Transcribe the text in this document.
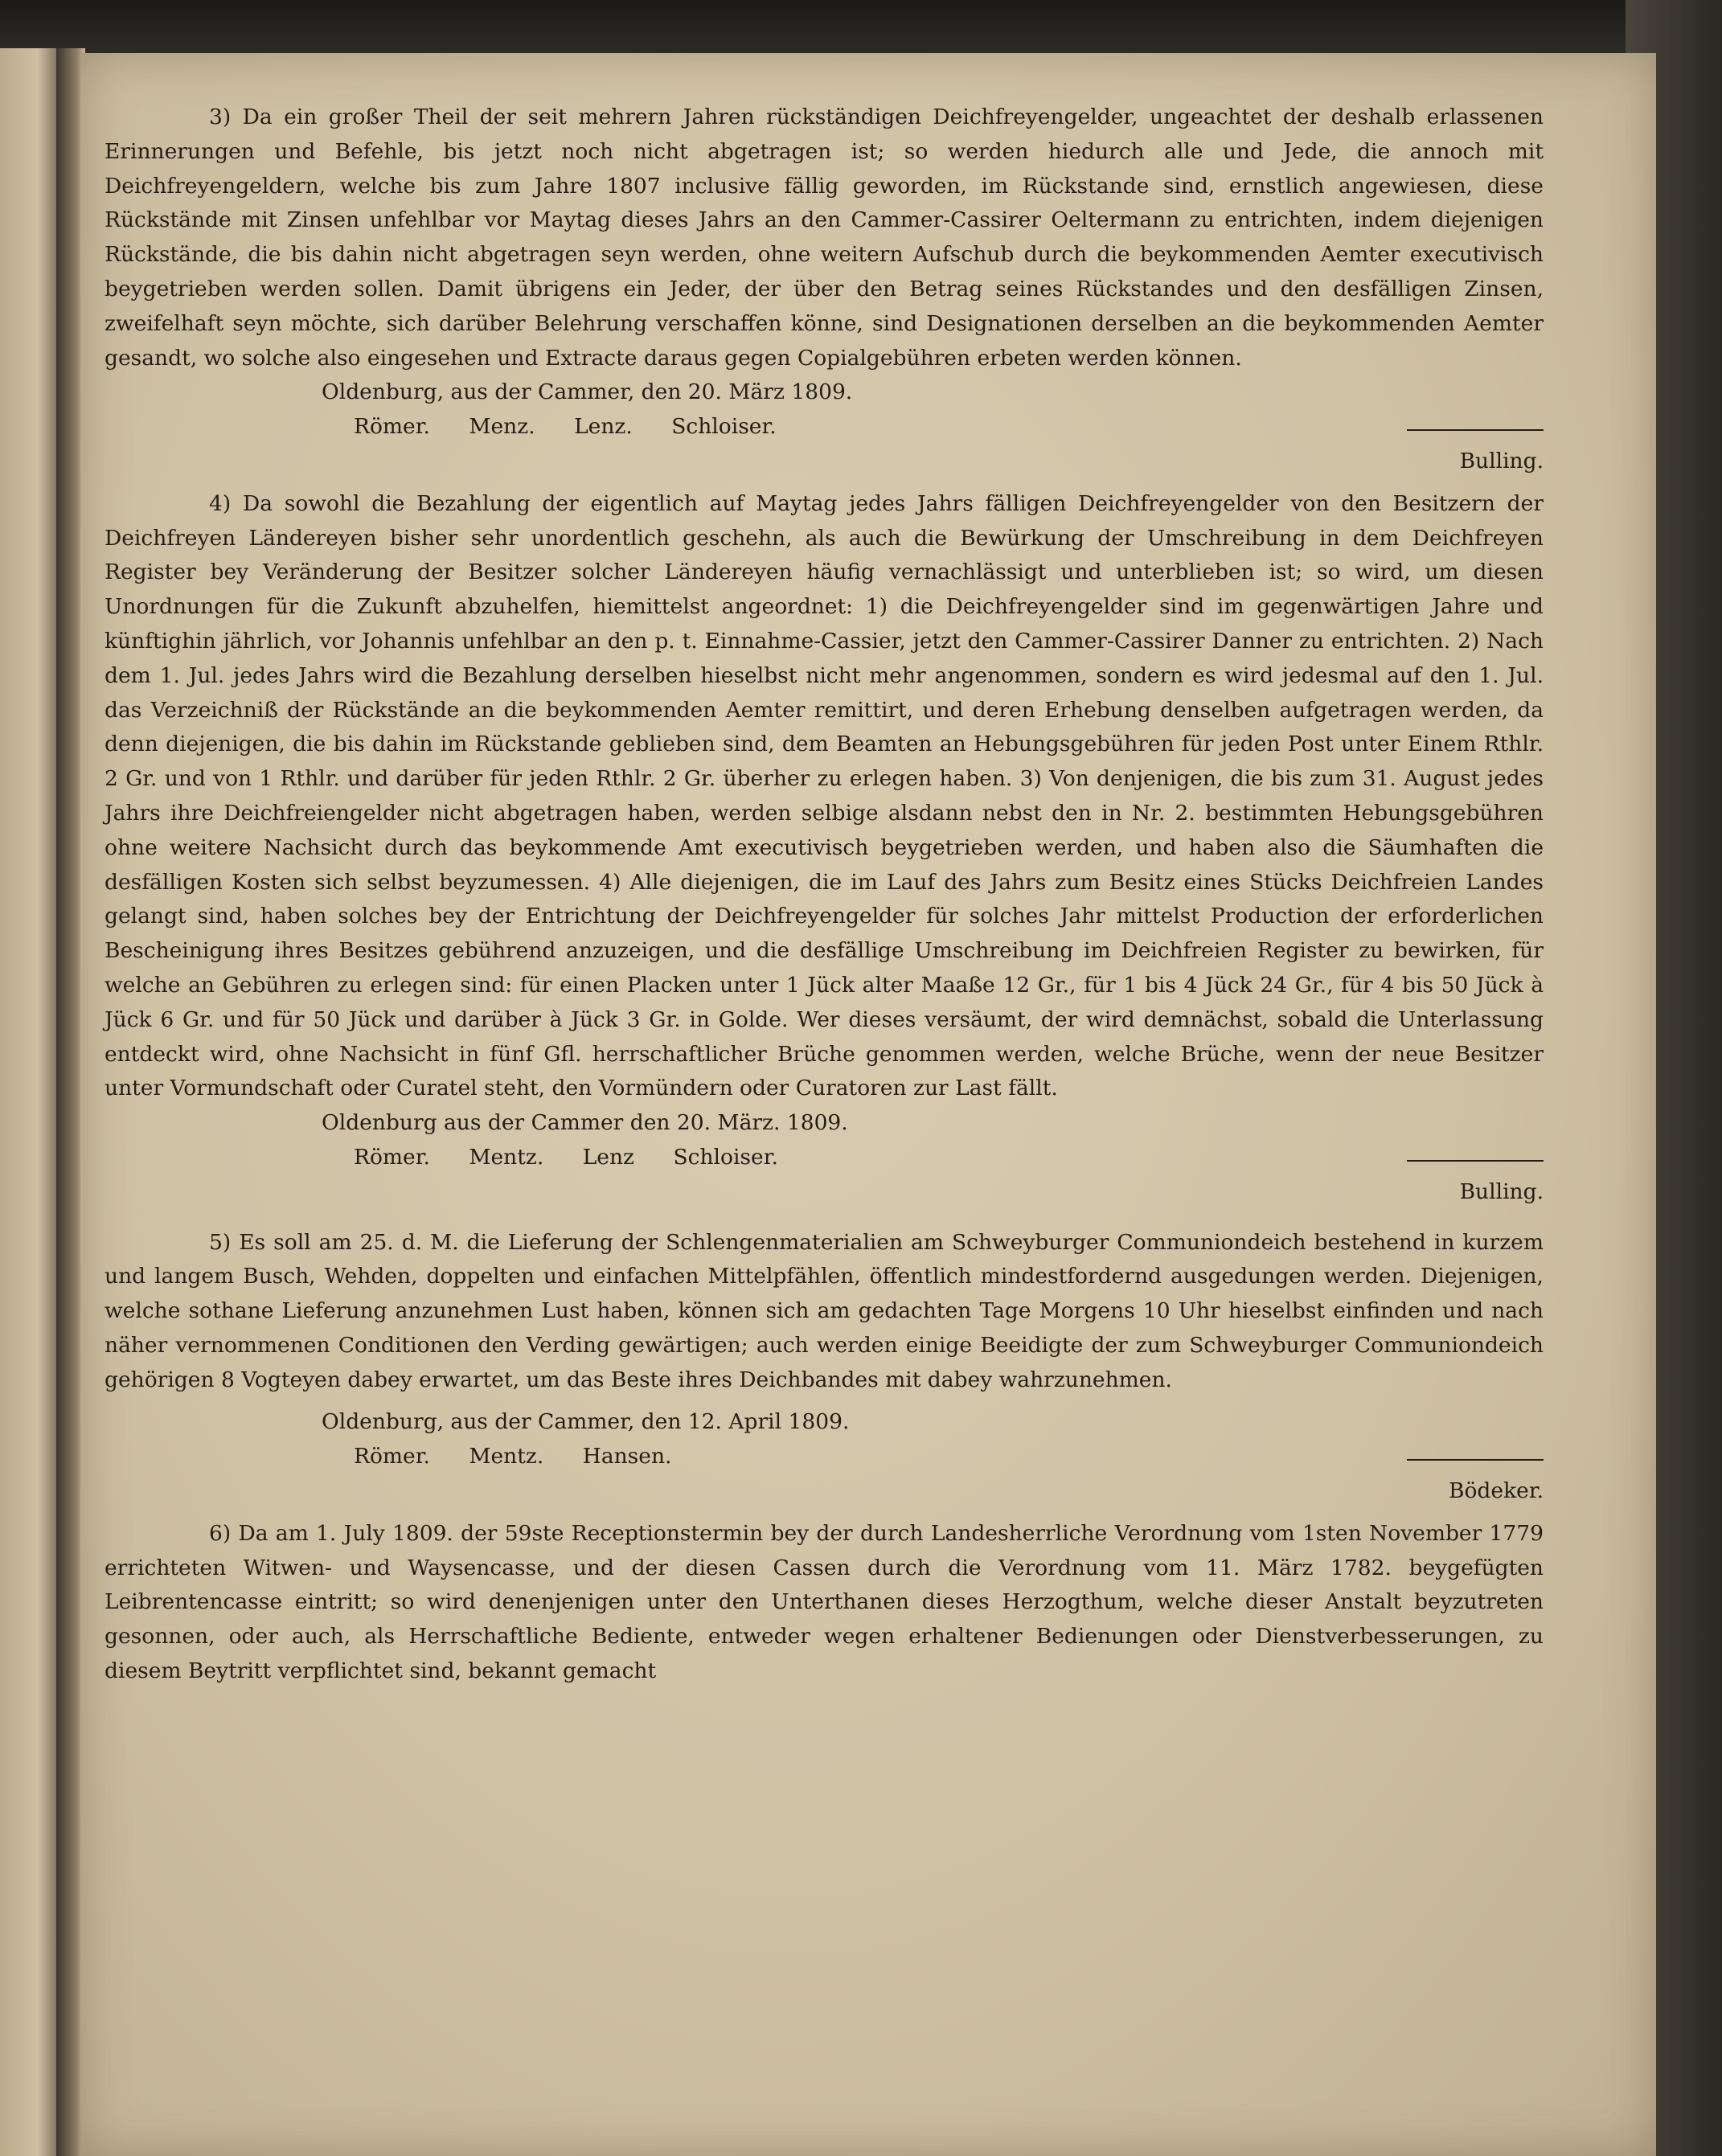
3) Da ein großer Theil der seit mehrern Jahren rückständigen Deichfreyengelder, ungeachtet der deshalb erlassenen Erinnerungen und Befehle, bis jetzt noch nicht abgetragen ist; so werden hiedurch alle und Jede, die annoch mit Deichfreyengeldern, welche bis zum Jahre 1807 inclusive fällig geworden, im Rückstande sind, ernstlich angewiesen, diese Rückstände mit Zinsen unfehlbar vor Maytag dieses Jahrs an den Cammer-Cassirer Oeltermann zu entrichten, indem diejenigen Rückstände, die bis dahin nicht abgetragen seyn werden, ohne weitern Aufschub durch die beykommenden Aemter executivisch beygetrieben werden sollen. Damit übrigens ein Jeder, der über den Betrag seines Rückstandes und den desfälligen Zinsen, zweifelhaft seyn möchte, sich darüber Belehrung verschaffen könne, sind Designationen derselben an die beykommenden Aemter gesandt, wo solche also eingesehen und Extracte daraus gegen Copialgebühren erbeten werden können.

Oldenburg, aus der Cammer, den 20. März 1809.

Römer. Menz. Lenz. Schloiser.

Bulling.

4) Da sowohl die Bezahlung der eigentlich auf Maytag jedes Jahrs fälligen Deichfreyengelder von den Besitzern der Deichfreyen Ländereyen bisher sehr unordentlich geschehn, als auch die Bewürkung der Umschreibung in dem Deichfreyen Register bey Veränderung der Besitzer solcher Ländereyen häufig vernachlässigt und unterblieben ist; so wird, um diesen Unordnungen für die Zukunft abzuhelfen, hiemittelst angeordnet: 1) die Deichfreyengelder sind im gegenwärtigen Jahre und künftighin jährlich, vor Johannis unfehlbar an den p. t. Einnahme-Cassier, jetzt den Cammer-Cassirer Danner zu entrichten. 2) Nach dem 1. Jul. jedes Jahrs wird die Bezahlung derselben hieselbst nicht mehr angenommen, sondern es wird jedesmal auf den 1. Jul. das Verzeichniß der Rückstände an die beykommenden Aemter remittirt, und deren Erhebung denselben aufgetragen werden, da denn diejenigen, die bis dahin im Rückstande geblieben sind, dem Beamten an Hebungsgebühren für jeden Post unter Einem Rthlr. 2 Gr. und von 1 Rthlr. und darüber für jeden Rthlr. 2 Gr. überher zu erlegen haben. 3) Von denjenigen, die bis zum 31. August jedes Jahrs ihre Deichfreiengelder nicht abgetragen haben, werden selbige alsdann nebst den in Nr. 2. bestimmten Hebungsgebühren ohne weitere Nachsicht durch das beykommende Amt executivisch beygetrieben werden, und haben also die Säumhaften die desfälligen Kosten sich selbst beyzumessen. 4) Alle diejenigen, die im Lauf des Jahrs zum Besitz eines Stücks Deichfreien Landes gelangt sind, haben solches bey der Entrichtung der Deichfreyengelder für solches Jahr mittelst Production der erforderlichen Bescheinigung ihres Besitzes gebührend anzuzeigen, und die desfällige Umschreibung im Deichfreien Register zu bewirken, für welche an Gebühren zu erlegen sind: für einen Placken unter 1 Jück alter Maaße 12 Gr., für 1 bis 4 Jück 24 Gr., für 4 bis 50 Jück à Jück 6 Gr. und für 50 Jück und darüber à Jück 3 Gr. in Golde. Wer dieses versäumt, der wird demnächst, sobald die Unterlassung entdeckt wird, ohne Nachsicht in fünf Gfl. herrschaftlicher Brüche genommen werden, welche Brüche, wenn der neue Besitzer unter Vormundschaft oder Curatel steht, den Vormündern oder Curatoren zur Last fällt.

Oldenburg aus der Cammer den 20. März. 1809.

Römer. Mentz. Lenz Schloiser.

Bulling.

5) Es soll am 25. d. M. die Lieferung der Schlengenmaterialien am Schweyburger Communiondeich bestehend in kurzem und langem Busch, Wehden, doppelten und einfachen Mittelpfählen, öffentlich mindestfordernd ausgedungen werden. Diejenigen, welche sothane Lieferung anzunehmen Lust haben, können sich am gedachten Tage Morgens 10 Uhr hieselbst einfinden und nach näher vernommenen Conditionen den Verding gewärtigen; auch werden einige Beeidigte der zum Schweyburger Communiondeich gehörigen 8 Vogteyen dabey erwartet, um das Beste ihres Deichbandes mit dabey wahrzunehmen.

Oldenburg, aus der Cammer, den 12. April 1809.

Römer. Mentz. Hansen.

Bödeker.

6) Da am 1. July 1809. der 59ste Receptionstermin bey der durch Landesherrliche Verordnung vom 1sten November 1779 errichteten Witwen- und Waysencasse, und der diesen Cassen durch die Verordnung vom 11. März 1782. beygefügten Leibrentencasse eintritt; so wird denenjenigen unter den Unterthanen dieses Herzogthum, welche dieser Anstalt beyzutreten gesonnen, oder auch, als Herrschaftliche Bediente, entweder wegen erhaltener Bedienungen oder Dienstverbesserungen, zu diesem Beytritt verpflichtet sind, bekannt gemacht
